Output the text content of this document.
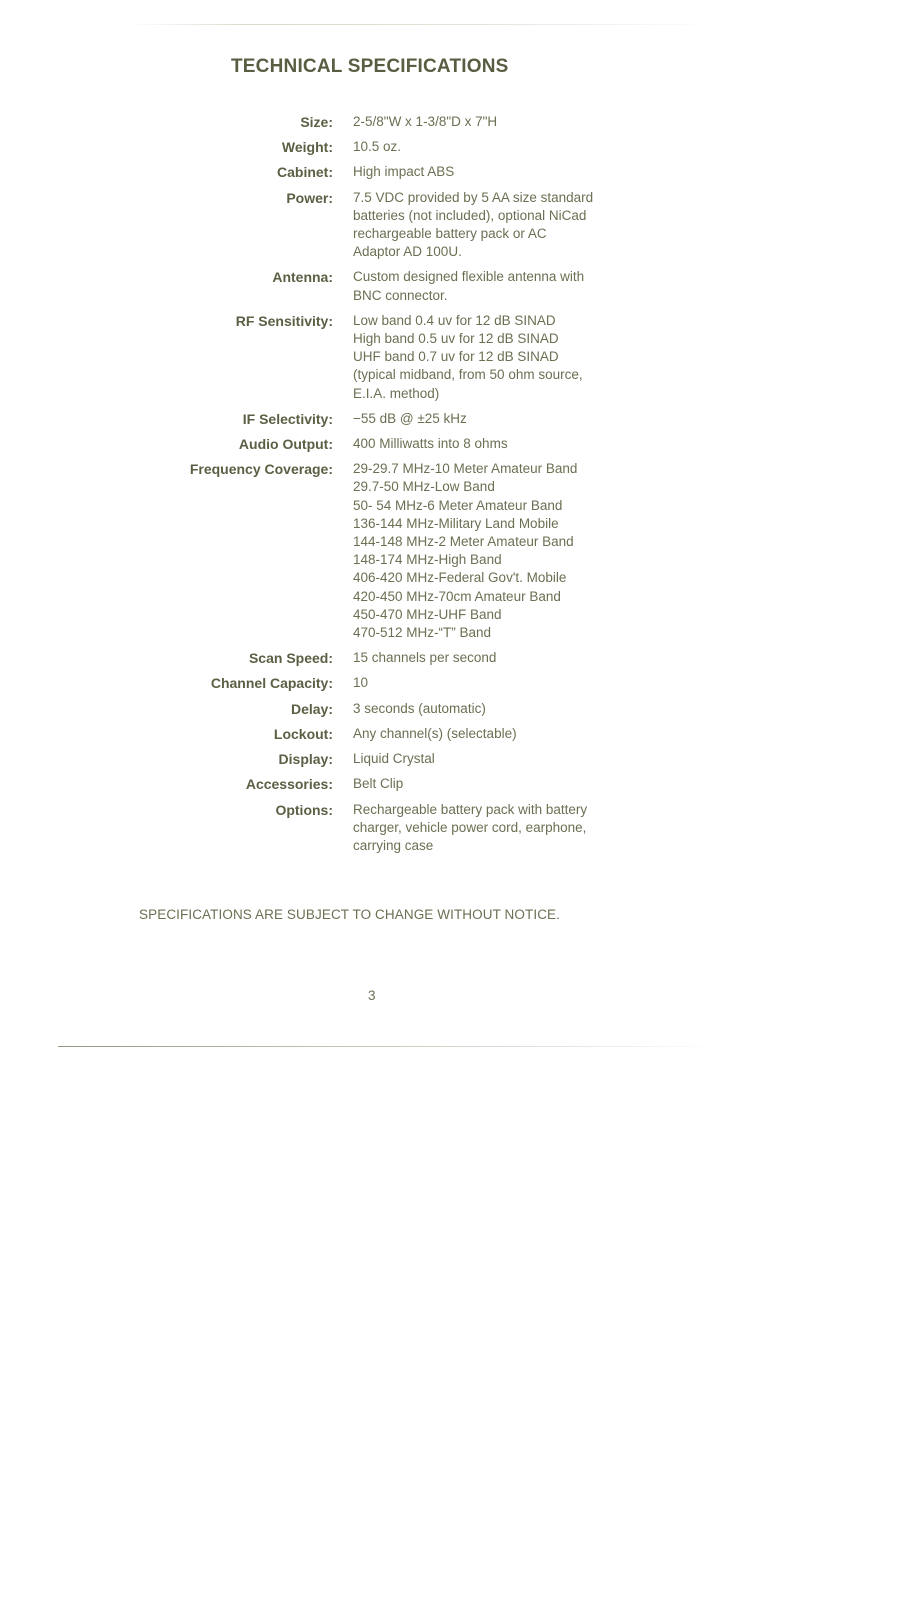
TECHNICAL SPECIFICATIONS
Size: 2-5/8"W x 1-3/8"D x 7"H
Weight: 10.5 oz.
Cabinet: High impact ABS
Power: 7.5 VDC provided by 5 AA size standard
batteries (not included), optional NiCad
rechargeable battery pack or AC
Adaptor AD 100U.
Antenna: Custom designed flexible antenna with
BNC connector.
RF Sensitivity: Low band 0.4 uv for 12 dB SINAD
High band 0.5 uv for 12 dB SINAD
UHF band 0.7 uv for 12 dB SINAD
(typical midband, from 50 ohm source,
E.I.A. method)
IF Selectivity: −55 dB @ ±25 kHz
Audio Output: 400 Milliwatts into 8 ohms
Frequency Coverage: 29-29.7 MHz-10 Meter Amateur Band
29.7-50 MHz-Low Band
50- 54 MHz-6 Meter Amateur Band
136-144 MHz-Military Land Mobile
144-148 MHz-2 Meter Amateur Band
148-174 MHz-High Band
406-420 MHz-Federal Gov't. Mobile
420-450 MHz-70cm Amateur Band
450-470 MHz-UHF Band
470-512 MHz-“T” Band
Scan Speed: 15 channels per second
Channel Capacity: 10
Delay: 3 seconds (automatic)
Lockout: Any channel(s) (selectable)
Display: Liquid Crystal
Accessories: Belt Clip
Options: Rechargeable battery pack with battery
charger, vehicle power cord, earphone,
carrying case
SPECIFICATIONS ARE SUBJECT TO CHANGE WITHOUT NOTICE.
3
